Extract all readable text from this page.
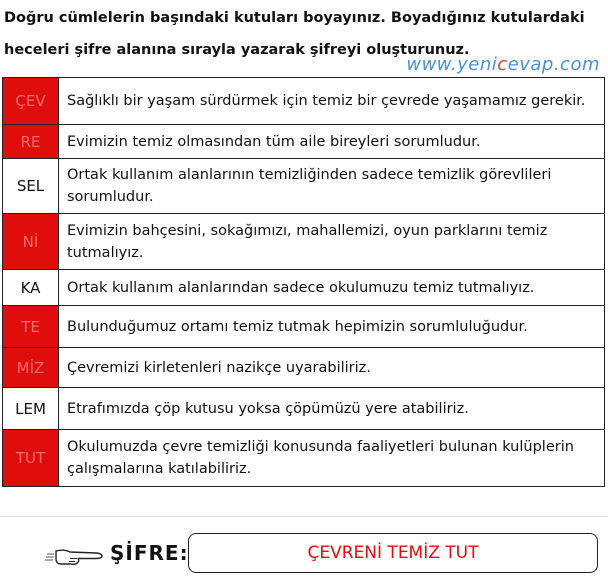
Doğru cümlelerin başındaki kutuları boyayınız. Boyadığınız kutulardaki
heceleri şifre alanına sırayla yazarak şifreyi oluşturunuz.
www.yenicevap.com
ÇEV	Sağlıklı bir yaşam sürdürmek için temiz bir çevrede yaşamamız gerekir.
RE	Evimizin temiz olmasından tüm aile bireyleri sorumludur.
SEL	Ortak kullanım alanlarının temizliğinden sadece temizlik görevlileri sorumludur.
Nİ	Evimizin bahçesini, sokağımızı, mahallemizi, oyun parklarını temiz tutmalıyız.
KA	Ortak kullanım alanlarından sadece okulumuzu temiz tutmalıyız.
TE	Bulunduğumuz ortamı temiz tutmak hepimizin sorumluluğudur.
MİZ	Çevremizi kirletenleri nazikçe uyarabiliriz.
LEM	Etrafımızda çöp kutusu yoksa çöpümüzü yere atabiliriz.
TUT	Okulumuzda çevre temizliği konusunda faaliyetleri bulunan kulüplerin çalışmalarına katılabiliriz.
ŞİFRE:	ÇEVRENİ TEMİZ TUT
